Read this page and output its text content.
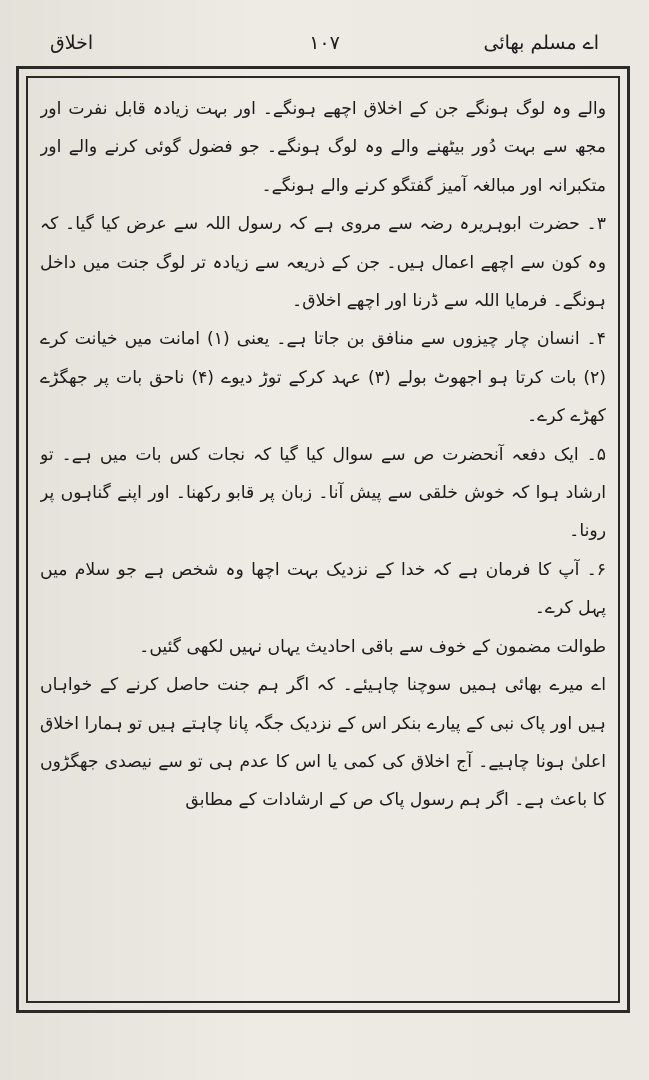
اے مسلم بھائی
۱۰۷
اخلاق

والے وہ لوگ ہونگے جن کے اخلاق اچھے ہونگے۔ اور بہت زیادہ قابل نفرت اور مجھ سے بہت دُور بیٹھنے والے وہ لوگ ہونگے۔ جو فضول گوئی کرنے والے اور متکبرانہ اور مبالغہ آمیز گفتگو کرنے والے ہونگے۔

۳۔ حضرت ابوہریرہ رضہ سے مروی ہے کہ رسول اللہ سے عرض کیا گیا۔ کہ وہ کون سے اچھے اعمال ہیں۔ جن کے ذریعہ سے زیادہ تر لوگ جنت میں داخل ہونگے۔ فرمایا اللہ سے ڈرنا اور اچھے اخلاق۔

۴۔ انسان چار چیزوں سے منافق بن جاتا ہے۔ یعنی (۱) امانت میں خیانت کرے (۲) بات کرتا ہو اجھوٹ بولے (۳) عہد کرکے توڑ دیوے (۴) ناحق بات پر جھگڑے کھڑے کرے۔

۵۔ ایک دفعہ آنحضرت ص سے سوال کیا گیا کہ نجات کس بات میں ہے۔ تو ارشاد ہوا کہ خوش خلقی سے پیش آنا۔ زبان پر قابو رکھنا۔ اور اپنے گناہوں پر رونا۔

۶۔ آپ کا فرمان ہے کہ خدا کے نزدیک بہت اچھا وہ شخص ہے جو سلام میں پہل کرے۔

طوالت مضمون کے خوف سے باقی احادیث یہاں نہیں لکھی گئیں۔

اے میرے بھائی ہمیں سوچنا چاہیئے۔ کہ اگر ہم جنت حاصل کرنے کے خواہاں ہیں اور پاک نبی کے پیارے بنکر اس کے نزدیک جگہ پانا چاہتے ہیں تو ہمارا اخلاق اعلیٰ ہونا چاہیے۔ آج اخلاق کی کمی یا اس کا عدم ہی تو سے نیصدی جھگڑوں کا باعث ہے۔ اگر ہم رسول پاک ص کے ارشادات کے مطابق
